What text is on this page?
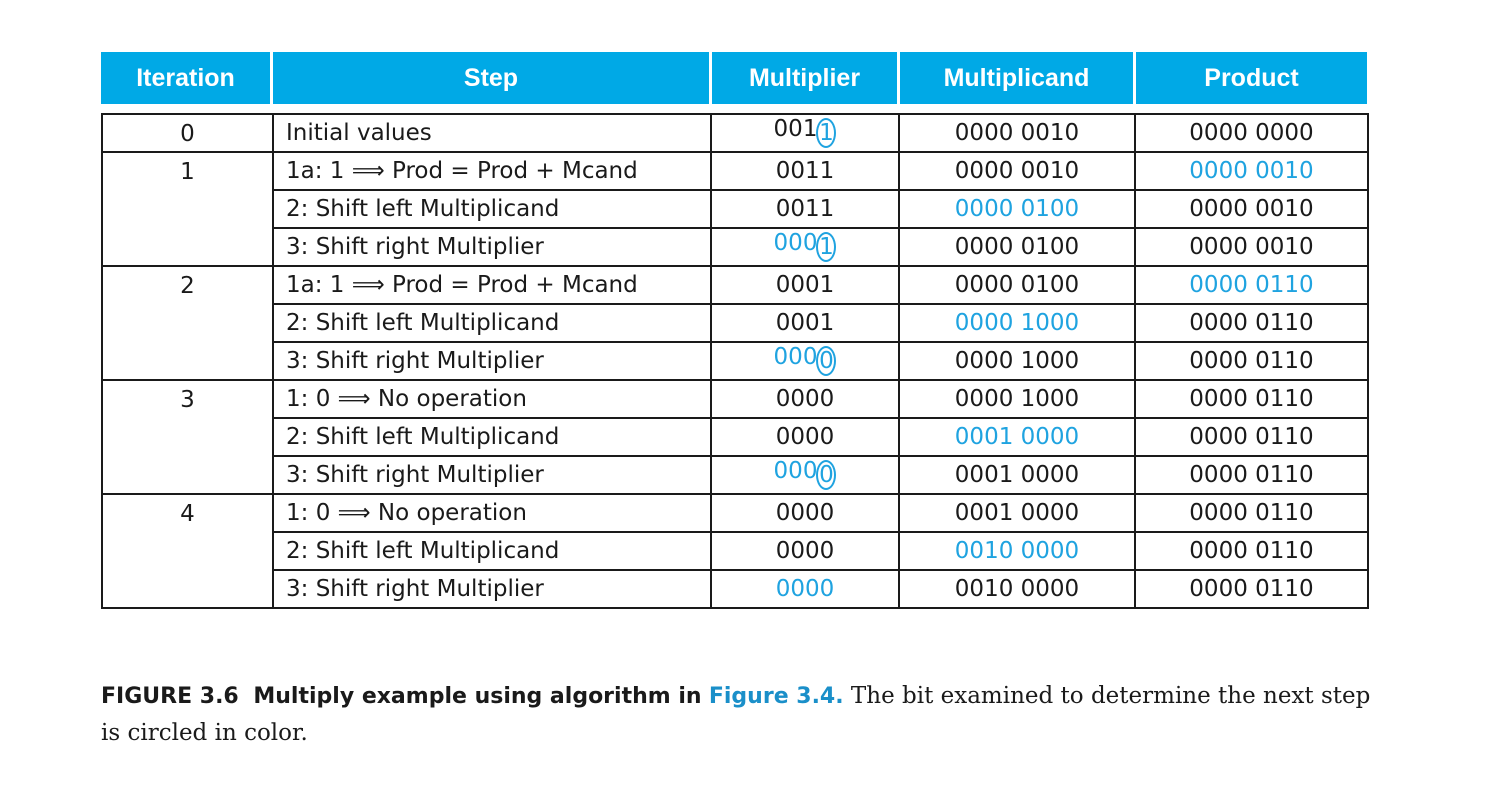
Iteration	Step	Multiplier	Multiplicand	Product
0	Initial values	0011	0000 0010	0000 0000
1	1a: 1 ⟹ Prod = Prod + Mcand	0011	0000 0010	0000 0010
	2: Shift left Multiplicand	0011	0000 0100	0000 0010
	3: Shift right Multiplier	0001	0000 0100	0000 0010
2	1a: 1 ⟹ Prod = Prod + Mcand	0001	0000 0100	0000 0110
	2: Shift left Multiplicand	0001	0000 1000	0000 0110
	3: Shift right Multiplier	0000	0000 1000	0000 0110
3	1: 0 ⟹ No operation	0000	0000 1000	0000 0110
	2: Shift left Multiplicand	0000	0001 0000	0000 0110
	3: Shift right Multiplier	0000	0001 0000	0000 0110
4	1: 0 ⟹ No operation	0000	0001 0000	0000 0110
	2: Shift left Multiplicand	0000	0010 0000	0000 0110
	3: Shift right Multiplier	0000	0010 0000	0000 0110
FIGURE 3.6 Multiply example using algorithm in Figure 3.4. The bit examined to determine the next step is circled in color.
